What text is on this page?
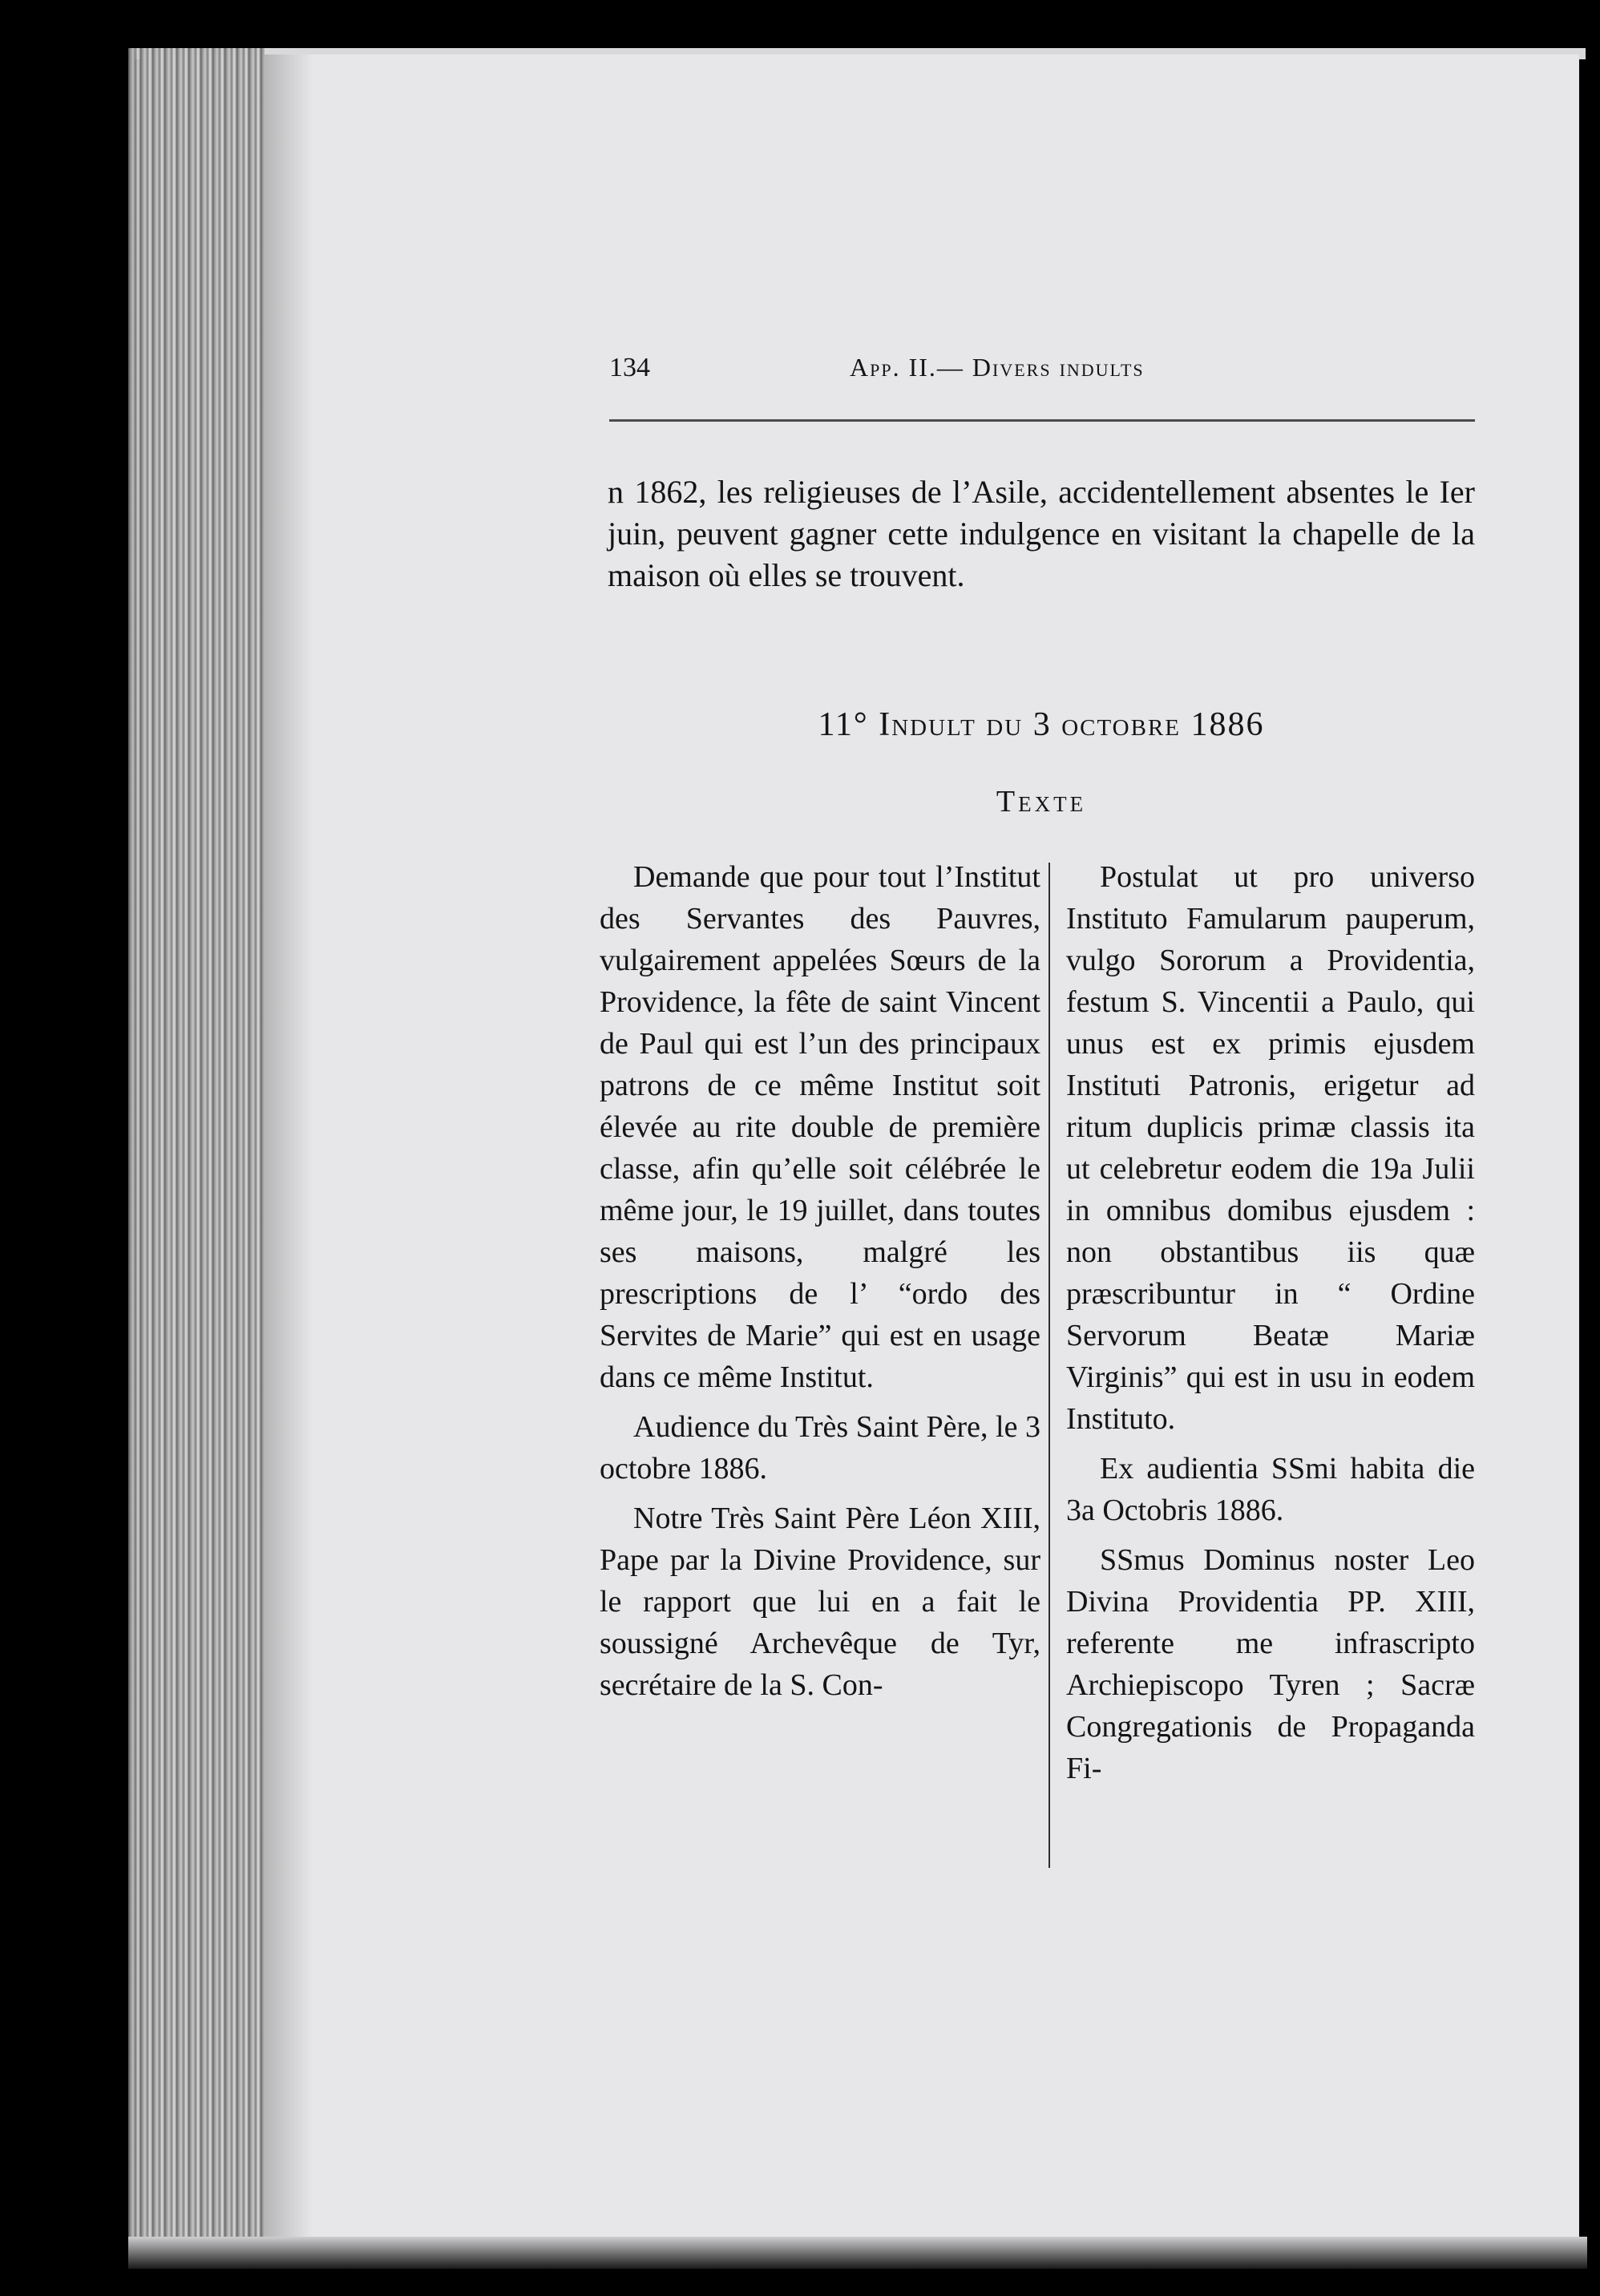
134	App. II.— Divers indults

n 1862, les religieuses de l’Asile, accidentellement absentes le Ier juin, peuvent gagner cette indulgence en visitant la chapelle de la maison où elles se trouvent.

11° Indult du 3 octobre 1886
Texte

Demande que pour tout l’Institut des Servantes des Pauvres, vulgairement appelées Sœurs de la Providence, la fête de saint Vincent de Paul qui est l’un des principaux patrons de ce même Institut soit élevée au rite double de première classe, afin qu’elle soit célébrée le même jour, le 19 juillet, dans toutes ses maisons, malgré les prescriptions de l’ “ordo des Servites de Marie” qui est en usage dans ce même Institut.

Audience du Très Saint Père, le 3 octobre 1886.

Notre Très Saint Père Léon XIII, Pape par la Divine Providence, sur le rapport que lui en a fait le soussigné Archevêque de Tyr, secrétaire de la S. Con-

Postulat ut pro universo Instituto Famularum pauperum, vulgo Sororum a Providentia, festum S. Vincentii a Paulo, qui unus est ex primis ejusdem Instituti Patronis, erigetur ad ritum duplicis primæ classis ita ut celebretur eodem die 19a Julii in omnibus domibus ejusdem : non obstantibus iis quæ præscribuntur in “ Ordine Servorum Beatæ Mariæ Virginis” qui est in usu in eodem Instituto.

Ex audientia SSmi habita die 3a Octobris 1886.

SSmus Dominus noster Leo Divina Providentia PP. XIII, referente me infrascripto Archiepiscopo Tyren ; Sacræ Congregationis de Propaganda Fi-
